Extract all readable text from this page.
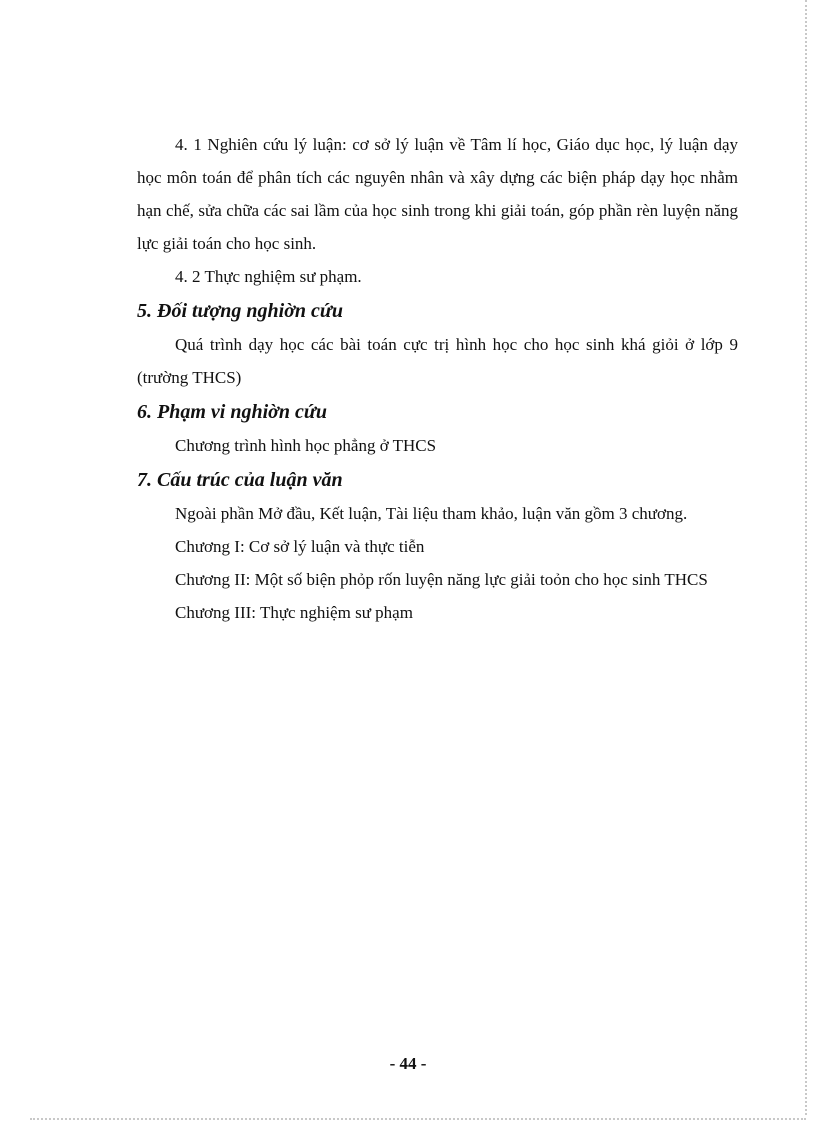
4. 1 Nghiên cứu lý luận: cơ sở lý luận về Tâm lí học, Giáo dục học, lý luận dạy học môn toán để phân tích các nguyên nhân và xây dựng các biện pháp dạy học nhằm hạn chế, sửa chữa các sai lầm của học sinh trong khi giải toán, góp phần rèn luyện năng lực giải toán cho học sinh.

4. 2 Thực nghiệm sư phạm.

5. Đối tượng nghiờn cứu

Quá trình dạy học các bài toán cực trị hình học cho học sinh khá giỏi ở lớp 9 (trường THCS)

6. Phạm vi nghiờn cứu

Chương trình hình học phẳng ở THCS

7. Cấu trúc của luận văn

Ngoài phần Mở đầu, Kết luận, Tài liệu tham khảo, luận văn gồm 3 chương.

Chương I: Cơ sở lý luận và thực tiễn

Chương II: Một số biện phỏp rốn luyện năng lực giải toỏn cho học sinh THCS

Chương III: Thực nghiệm sư phạm

- 44 -
